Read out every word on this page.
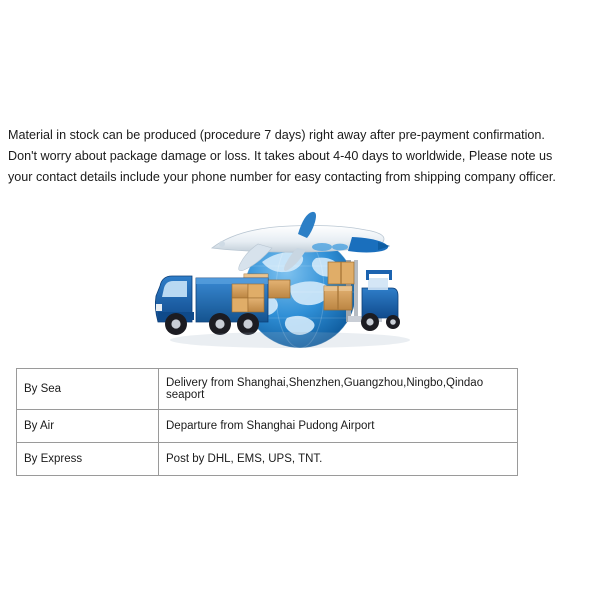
Material in stock can be produced (procedure 7 days) right away after pre-payment confirmation.

Don't worry about package damage or loss. It takes about 4-40 days to worldwide, Please note us

your contact details include your phone number for easy contacting from shipping company officer.

By Sea	Delivery from Shanghai,Shenzhen,Guangzhou,Ningbo,Qindao seaport
By Air	Departure from Shanghai Pudong Airport
By Express	Post by DHL, EMS, UPS, TNT.
